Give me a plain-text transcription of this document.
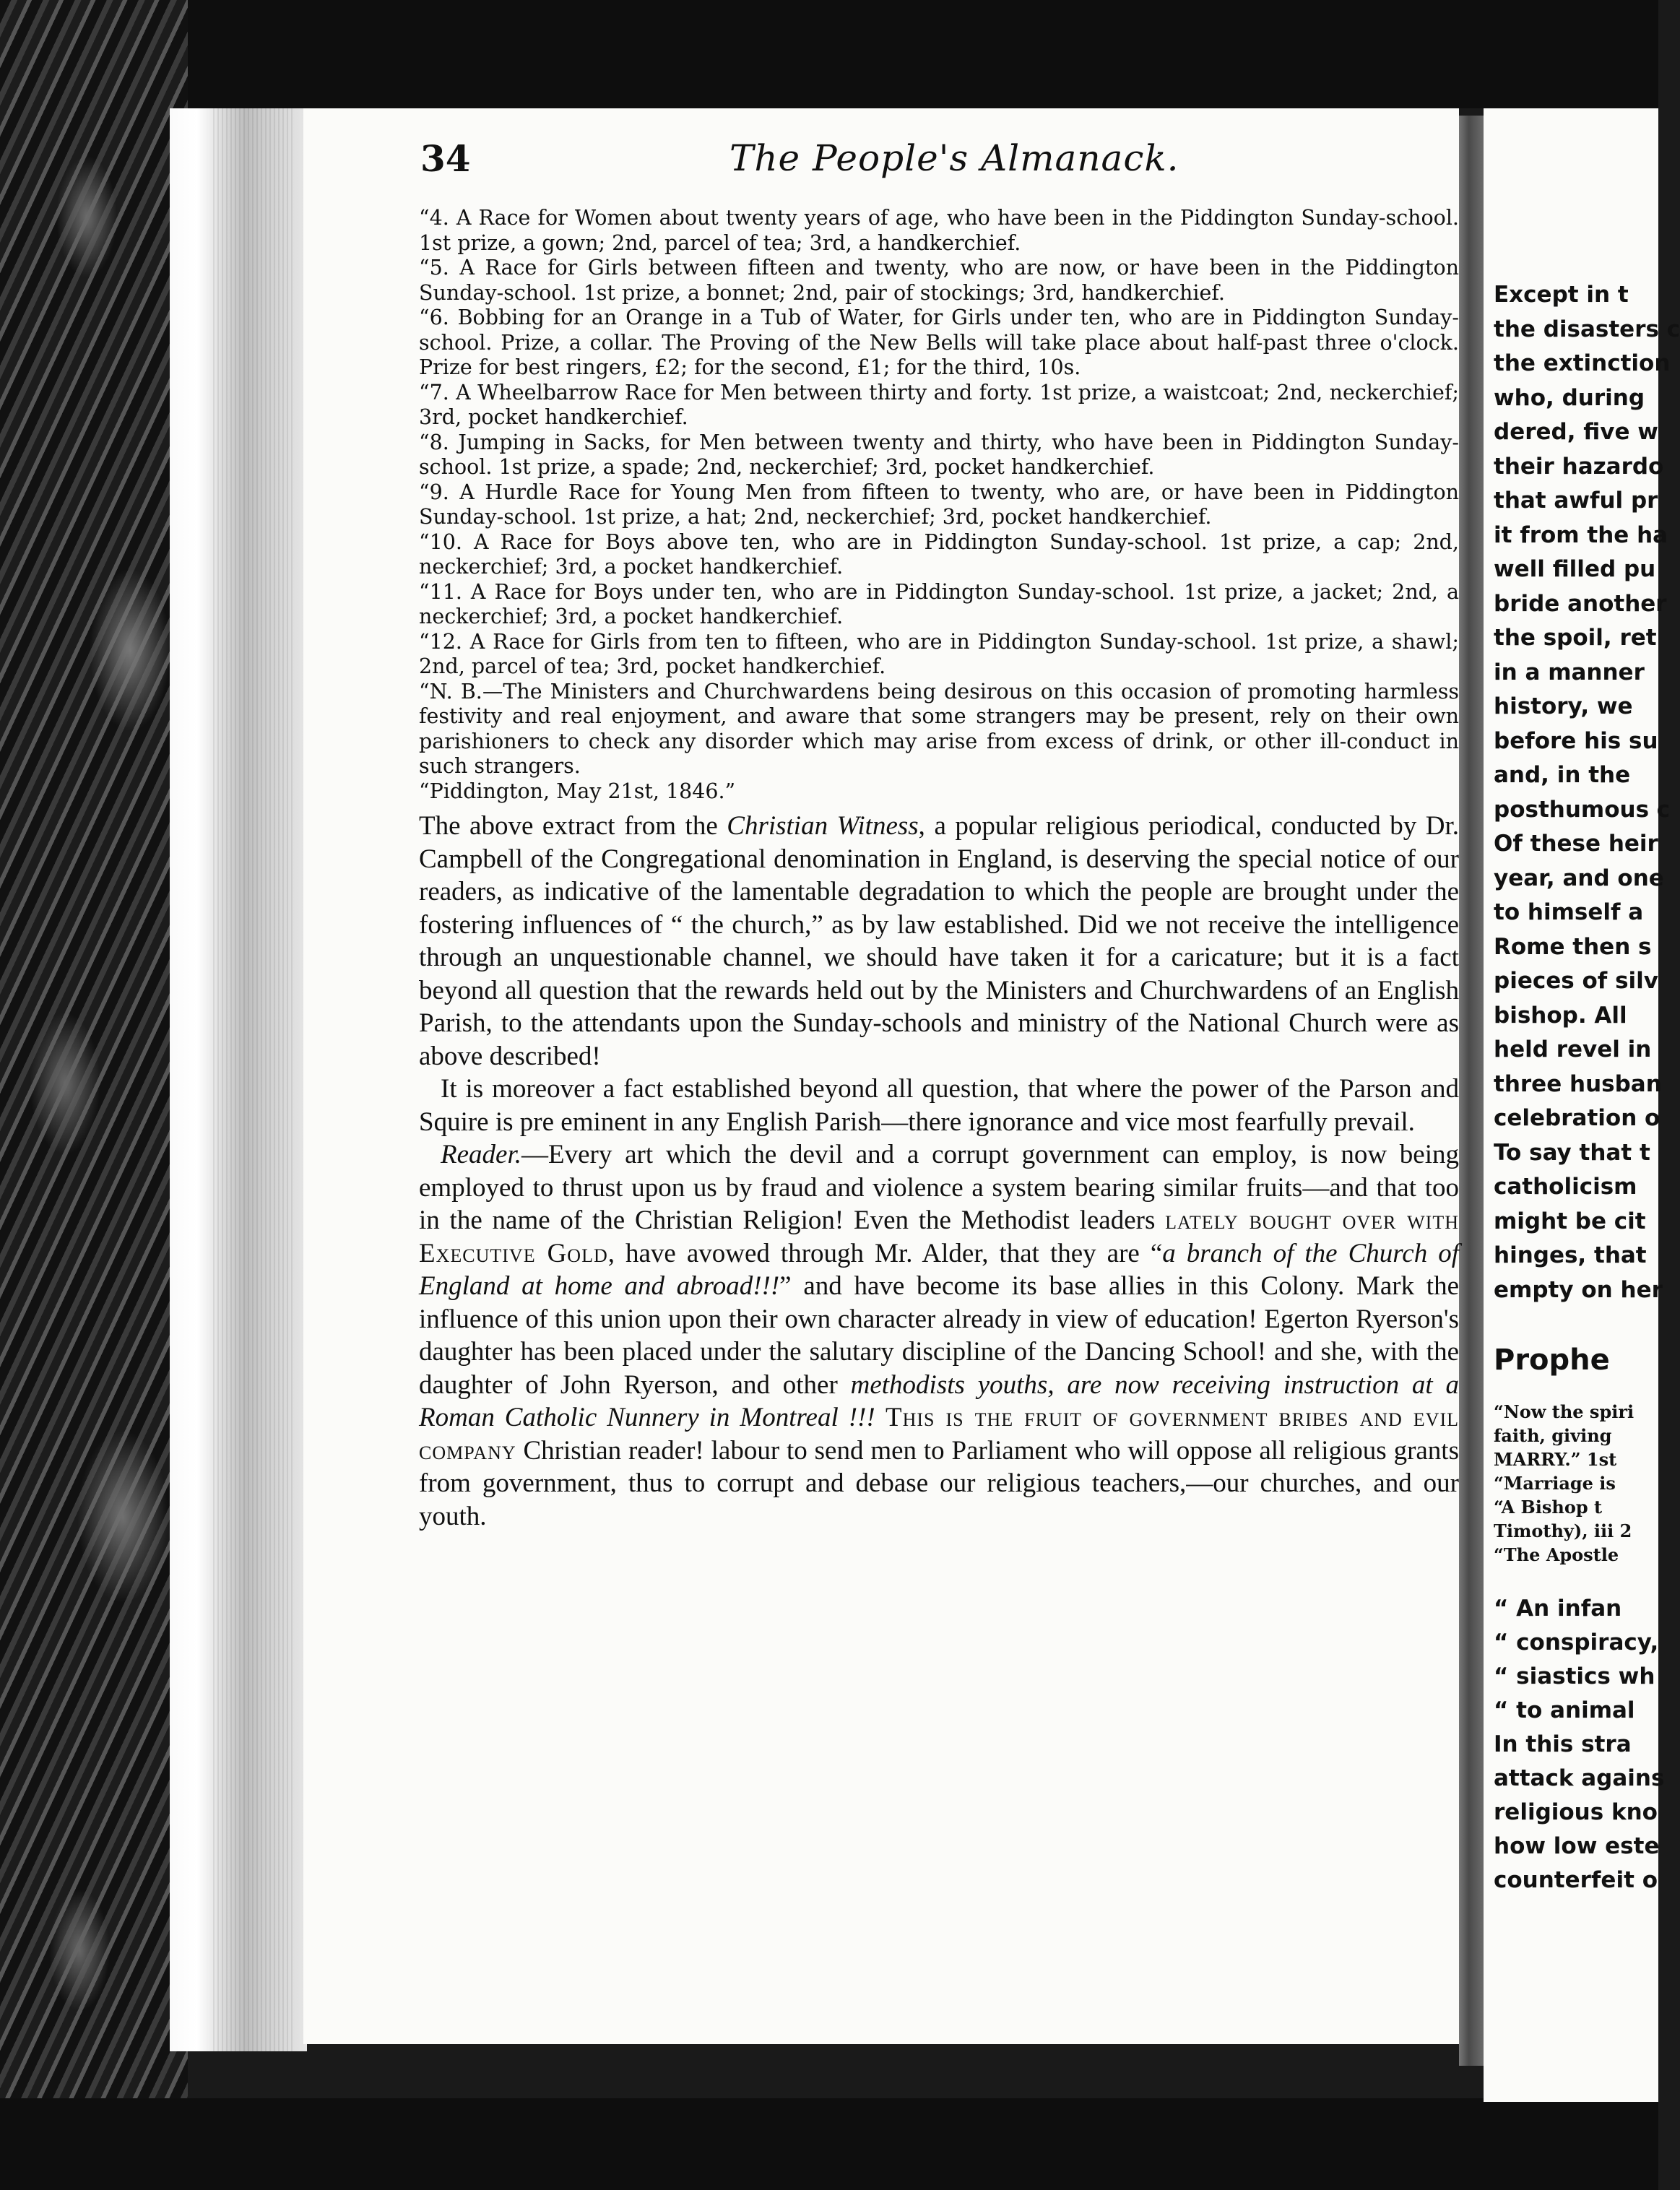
34	The People's Almanack.

“4. A Race for Women about twenty years of age, who have been in the Piddington Sunday-school. 1st prize, a gown; 2nd, parcel of tea; 3rd, a handkerchief.

“5. A Race for Girls between fifteen and twenty, who are now, or have been in the Piddington Sunday-school. 1st prize, a bonnet; 2nd, pair of stockings; 3rd, handkerchief.

“6. Bobbing for an Orange in a Tub of Water, for Girls under ten, who are in Piddington Sunday-school. Prize, a collar. The Proving of the New Bells will take place about half-past three o'clock. Prize for best ringers, £2; for the second, £1; for the third, 10s.

“7. A Wheelbarrow Race for Men between thirty and forty. 1st prize, a waistcoat; 2nd, neckerchief; 3rd, pocket handkerchief.

“8. Jumping in Sacks, for Men between twenty and thirty, who have been in Piddington Sunday-school. 1st prize, a spade; 2nd, neckerchief; 3rd, pocket handkerchief.

“9. A Hurdle Race for Young Men from fifteen to twenty, who are, or have been in Piddington Sunday-school. 1st prize, a hat; 2nd, neckerchief; 3rd, pocket handkerchief.

“10. A Race for Boys above ten, who are in Piddington Sunday-school. 1st prize, a cap; 2nd, neckerchief; 3rd, a pocket handkerchief.

“11. A Race for Boys under ten, who are in Piddington Sunday-school. 1st prize, a jacket; 2nd, a neckerchief; 3rd, a pocket handkerchief.

“12. A Race for Girls from ten to fifteen, who are in Piddington Sunday-school. 1st prize, a shawl; 2nd, parcel of tea; 3rd, pocket handkerchief.

“N. B.—The Ministers and Churchwardens being desirous on this occasion of promoting harmless festivity and real enjoyment, and aware that some strangers may be present, rely on their own parishioners to check any disorder which may arise from excess of drink, or other ill-conduct in such strangers.

“Piddington, May 21st, 1846.”

The above extract from the Christian Witness, a popular religious periodical, conducted by Dr. Campbell of the Congregational denomination in England, is deserving the special notice of our readers, as indicative of the lamentable degradation to which the people are brought under the fostering influences of “ the church,” as by law established. Did we not receive the intelligence through an unquestionable channel, we should have taken it for a caricature; but it is a fact beyond all question that the rewards held out by the Ministers and Churchwardens of an English Parish, to the attendants upon the Sunday-schools and ministry of the National Church were as above described!

It is moreover a fact established beyond all question, that where the power of the Parson and Squire is pre eminent in any English Parish—there ignorance and vice most fearfully prevail.

Reader.—Every art which the devil and a corrupt government can employ, is now being employed to thrust upon us by fraud and violence a system bearing similar fruits—and that too in the name of the Christian Religion! Even the Methodist leaders lately bought over with Executive Gold, have avowed through Mr. Alder, that they are “a branch of the Church of England at home and abroad!!!” and have become its base allies in this Colony. Mark the influence of this union upon their own character already in view of education! Egerton Ryerson's daughter has been placed under the salutary discipline of the Dancing School! and she, with the daughter of John Ryerson, and other methodists youths, are now receiving instruction at a Roman Catholic Nunnery in Montreal !!! This is the fruit of government bribes and evil company Christian reader! labour to send men to Parliament who will oppose all religious grants from government, thus to corrupt and debase our religious teachers,—our churches, and our youth.

Except in t
the disasters c
the extinction
who, during
dered, five w
their hazardo
that awful pr
it from the ha
well filled pu
bride another
the spoil, ret
in a manner
history, we
before his su
and, in the
posthumous c
Of these heir
year, and one
to himself a
Rome then s
pieces of silv
bishop. All
held revel in
three husban
celebration o
To say that t
catholicism
might be cit
hinges, that
empty on her
Prophe
“Now the spiri
faith, giving
MARRY.” 1st
“Marriage is
“A Bishop t
Timothy), iii 2
“The Apostle
“ An infan
“ conspiracy,
“ siastics wh
“ to animal
In this stra
attack agains
religious kno
how low este
counterfeit o
